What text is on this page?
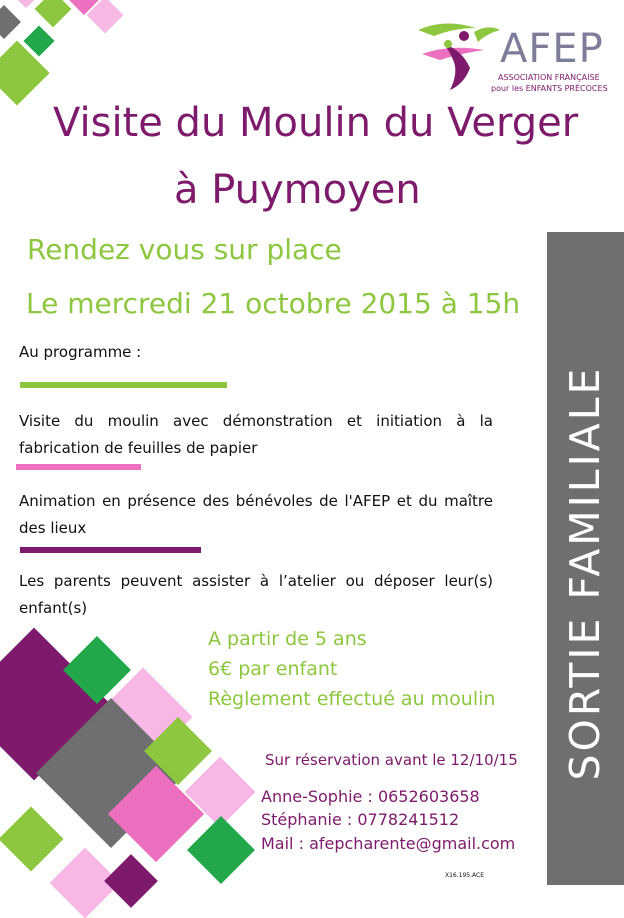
AFEP
ASSOCIATION FRANÇAISE
pour les ENFANTS PRÉCOCES
Visite du Moulin du Verger
à Puymoyen
SORTIE FAMILIALE
Rendez vous sur place
Le mercredi 21 octobre 2015 à 15h
Au programme :
Visite du moulin avec démonstration et initiation à la fabrication de feuilles de papier
Animation en présence des bénévoles de l'AFEP et du maître des lieux
Les parents peuvent assister à l’atelier ou déposer leur(s) enfant(s)
A partir de 5 ans
6€ par enfant
Règlement effectué au moulin
Sur réservation avant le 12/10/15
Anne-Sophie : 0652603658
Stéphanie : 0778241512
Mail : afepcharente@gmail.com
X16.195.ACE
